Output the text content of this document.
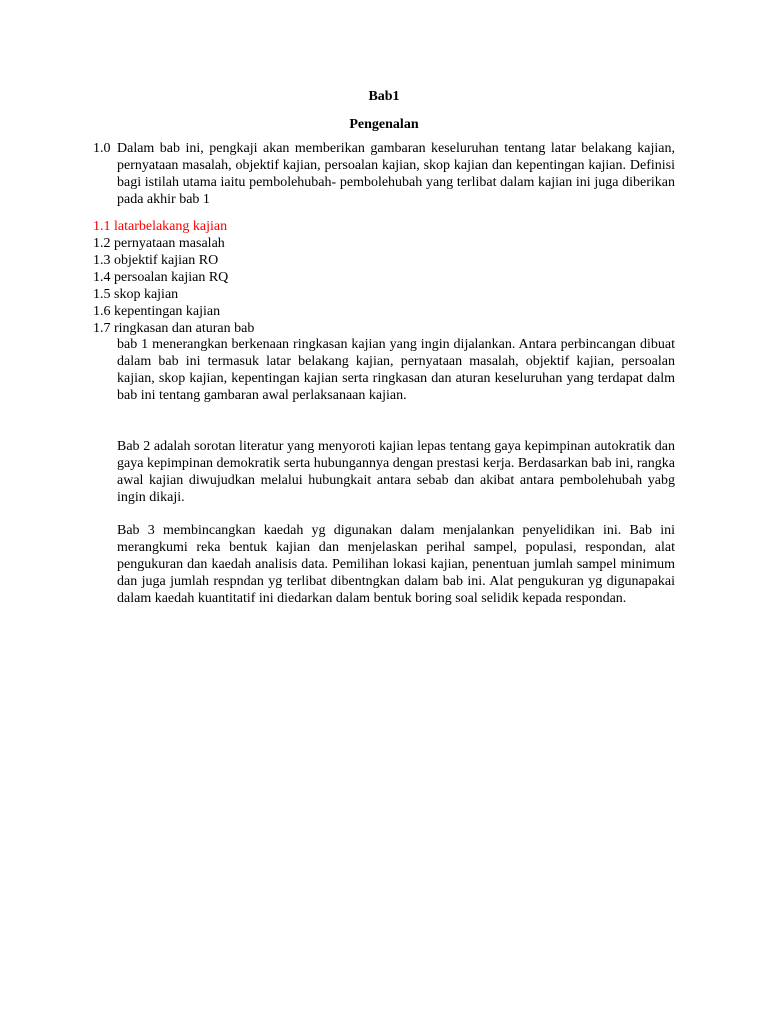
Bab1
Pengenalan
1.0 Dalam bab ini, pengkaji akan memberikan gambaran keseluruhan tentang latar belakang kajian, pernyataan masalah, objektif kajian, persoalan kajian, skop kajian dan kepentingan kajian. Definisi bagi istilah utama iaitu pembolehubah- pembolehubah yang terlibat dalam kajian ini juga diberikan pada akhir bab 1
1.1 latarbelakang kajian
1.2 pernyataan masalah
1.3 objektif kajian RO
1.4 persoalan kajian RQ
1.5 skop kajian
1.6 kepentingan kajian
1.7 ringkasan dan aturan bab
bab 1 menerangkan berkenaan ringkasan kajian yang ingin dijalankan. Antara perbincangan dibuat dalam bab ini termasuk latar belakang kajian, pernyataan masalah, objektif kajian, persoalan kajian, skop kajian, kepentingan kajian serta ringkasan dan aturan keseluruhan yang terdapat dalm bab ini tentang gambaran awal perlaksanaan kajian.
Bab 2 adalah sorotan literatur yang menyoroti kajian lepas tentang gaya kepimpinan autokratik dan gaya kepimpinan demokratik serta hubungannya dengan prestasi kerja. Berdasarkan bab ini, rangka awal kajian diwujudkan melalui hubungkait antara sebab dan akibat antara pembolehubah yabg ingin dikaji.
Bab 3 membincangkan kaedah yg digunakan dalam menjalankan penyelidikan ini. Bab ini merangkumi reka bentuk kajian dan menjelaskan perihal sampel, populasi, respondan, alat pengukuran dan kaedah analisis data. Pemilihan lokasi kajian, penentuan jumlah sampel minimum dan juga jumlah respndan yg terlibat dibentngkan dalam bab ini. Alat pengukuran yg digunapakai dalam kaedah kuantitatif ini diedarkan dalam bentuk boring soal selidik kepada respondan.
